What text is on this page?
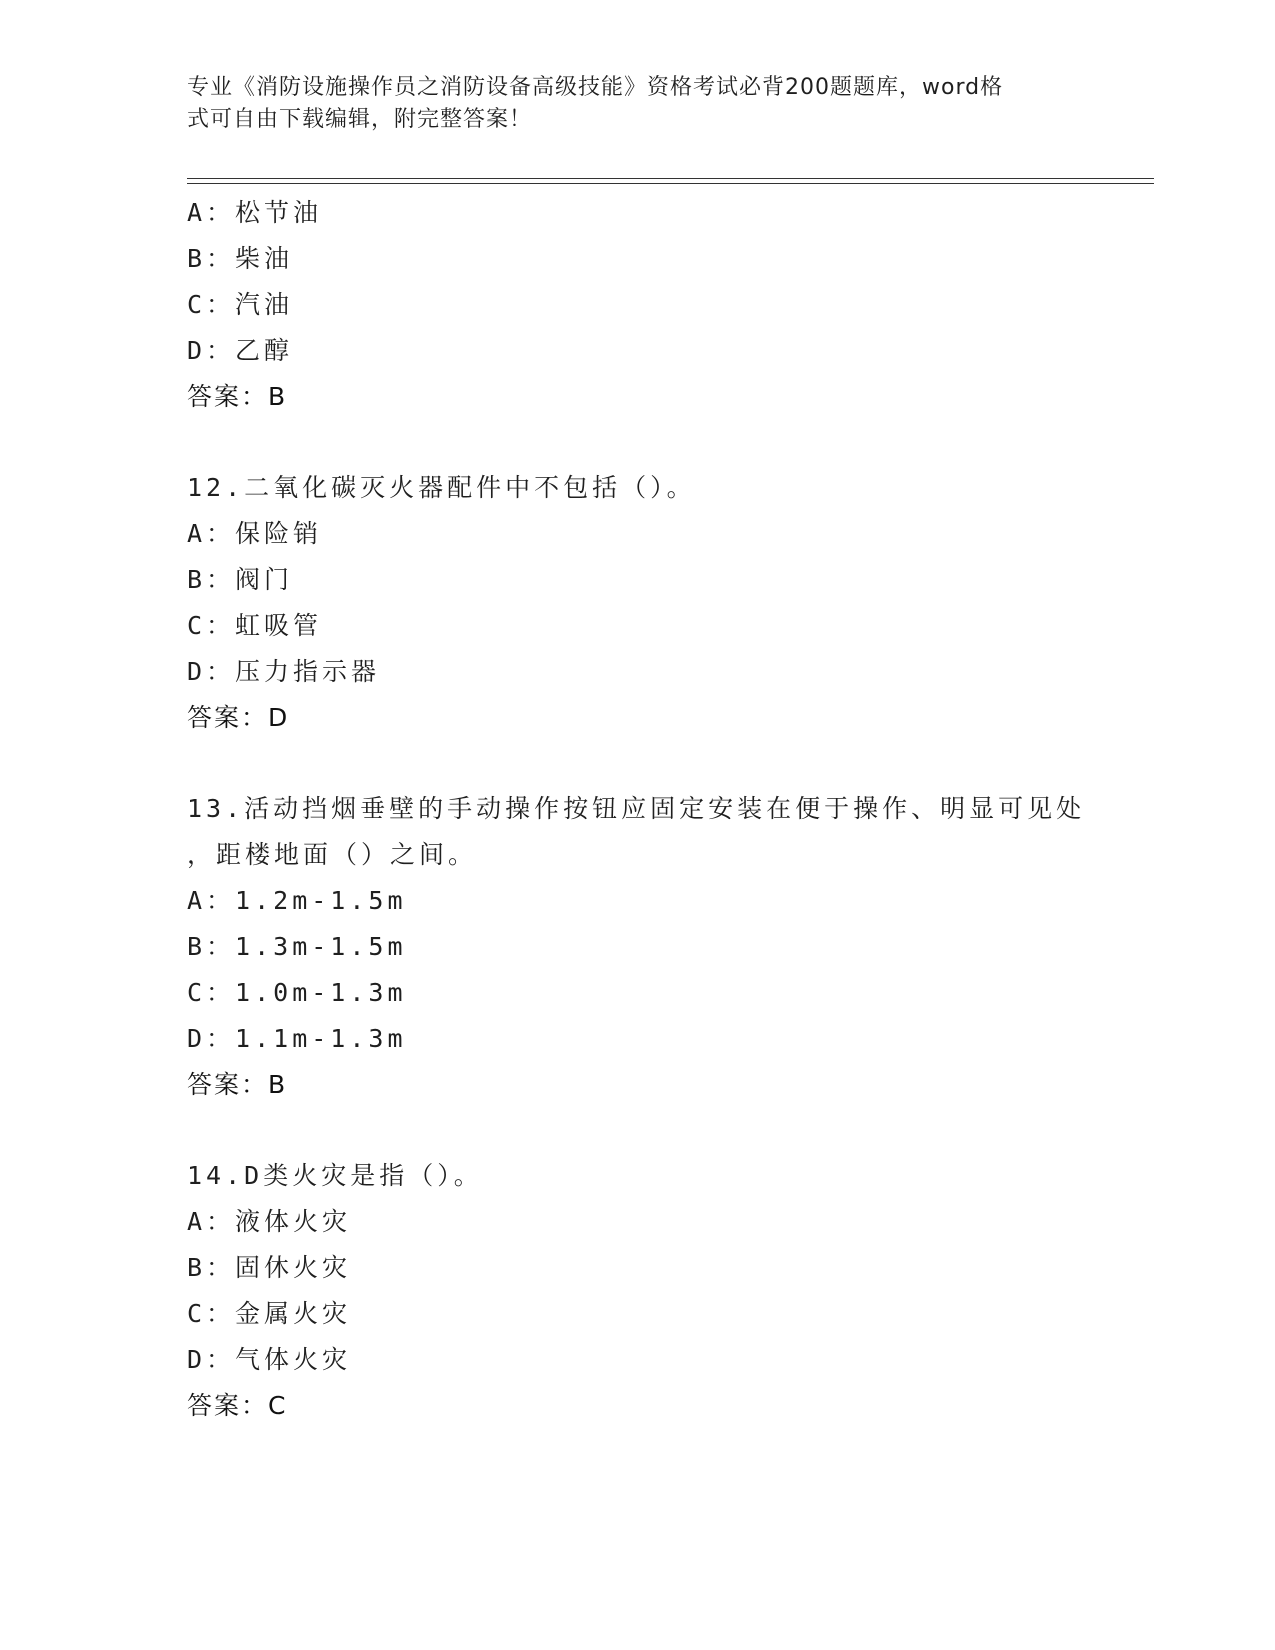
专业《消防设施操作员之消防设备高级技能》资格考试必背200题题库，word格
式可自由下载编辑，附完整答案！
A：松节油
B：柴油
C：汽油
D：乙醇
答案：B
12.二氧化碳灭火器配件中不包括（）。
A：保险销
B：阀门
C：虹吸管
D：压力指示器
答案：D
13.活动挡烟垂壁的手动操作按钮应固定安装在便于操作、明显可见处
，距楼地面（）之间。
A：1.2m-1.5m
B：1.3m-1.5m
C：1.0m-1.3m
D：1.1m-1.3m
答案：B
14.D类火灾是指（）。
A：液体火灾
B：固休火灾
C：金属火灾
D：气体火灾
答案：C
